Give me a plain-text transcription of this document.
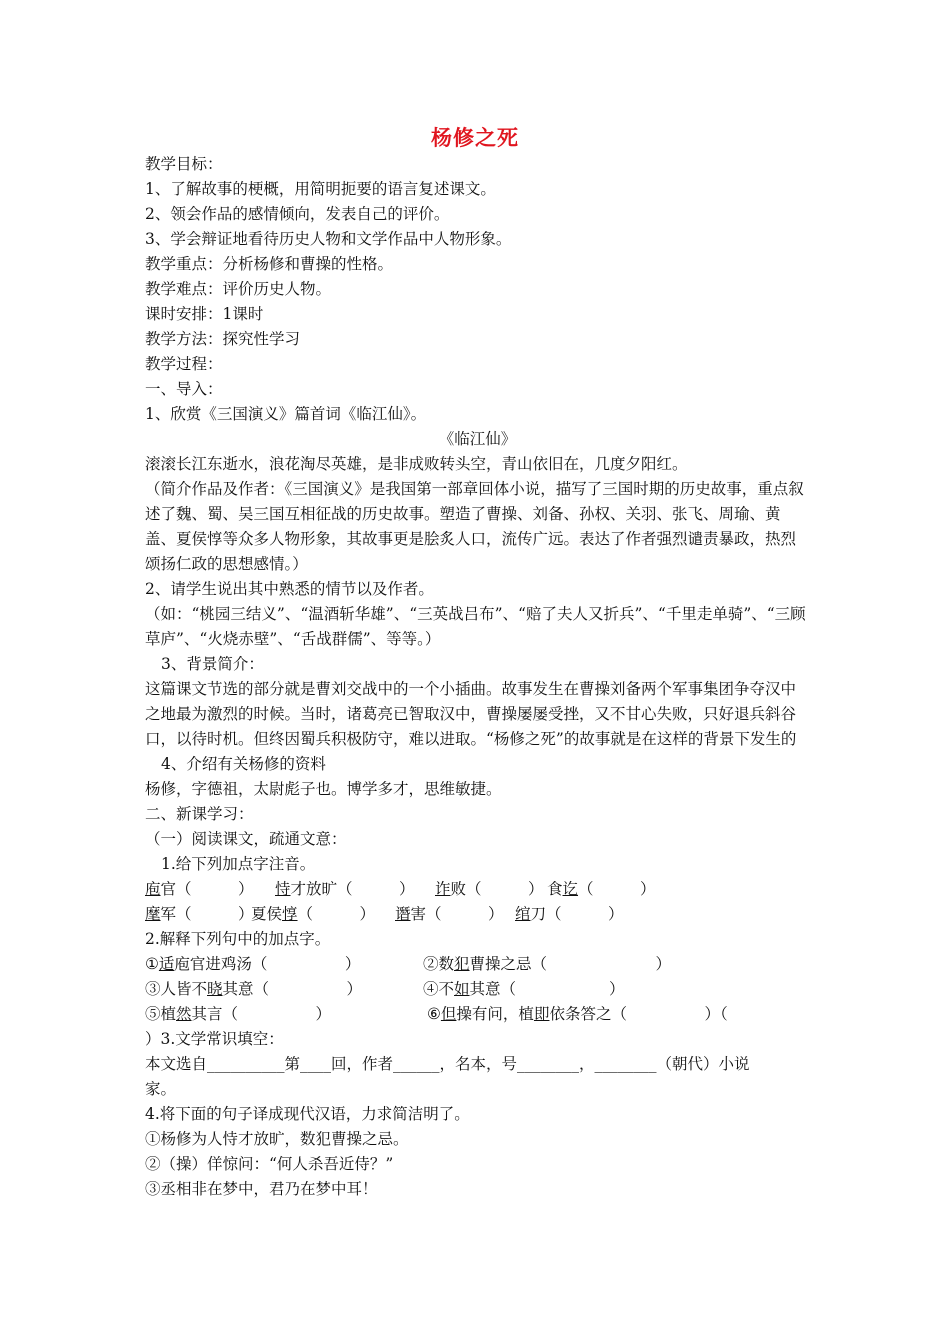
杨修之死
教学目标：
1、了解故事的梗概，用简明扼要的语言复述课文。
2、领会作品的感情倾向，发表自己的评价。
3、学会辩证地看待历史人物和文学作品中人物形象。
教学重点：分析杨修和曹操的性格。
教学难点：评价历史人物。
课时安排：1课时
教学方法：探究性学习
教学过程：
一、导入：
1、欣赏《三国演义》篇首词《临江仙》。
《临江仙》
滚滚长江东逝水，浪花淘尽英雄，是非成败转头空，青山依旧在，几度夕阳红。
（简介作品及作者：《三国演义》是我国第一部章回体小说，描写了三国时期的历史故事，重点叙述了魏、蜀、吴三国互相征战的历史故事。塑造了曹操、刘备、孙权、关羽、张飞、周瑜、黄盖、夏侯惇等众多人物形象，其故事更是脍炙人口，流传广远。表达了作者强烈谴责暴政，热烈颂扬仁政的思想感情。）
2、请学生说出其中熟悉的情节以及作者。
（如：“桃园三结义”、“温酒斩华雄”、“三英战吕布”、“赔了夫人又折兵”、“千里走单骑”、“三顾草庐”、“火烧赤壁”、“舌战群儒”、等等。）
3、背景简介：
这篇课文节选的部分就是曹刘交战中的一个小插曲。故事发生在曹操刘备两个军事集团争夺汉中之地最为激烈的时候。当时，诸葛亮已智取汉中，曹操屡屡受挫，又不甘心失败，只好退兵斜谷口，以待时机。但终因蜀兵积极防守，难以进取。“杨修之死”的故事就是在这样的背景下发生的
4、介绍有关杨修的资料
杨修，字德祖，太尉彪子也。博学多才，思维敏捷。
二、新课学习：
（一）阅读课文，疏通文意：
1.给下列加点字注音。
庖官（　　　） 恃才放旷（　　　） 诈败（　　　） 食讫（　　　）
麾军（　　　）夏侯惇（　　　） 谮害（　　　） 绾刀（　　　）
2.解释下列句中的加点字。
①适庖官进鸡汤（　　　　　）	②数犯曹操之忌（　　　　　　　）
③人皆不晓其意（　　　　　）	④不如其意（　　　　　　）
⑤植然其言（　　　　　）	⑥但操有问，植即依条答之（　　　　　）（
）3.文学常识填空：
本文选自__________第____回，作者______，名本，号________，________（朝代）小说
家。
4.将下面的句子译成现代汉语，力求简洁明了。
①杨修为人恃才放旷，数犯曹操之忌。
②（操）佯惊问：“何人杀吾近侍？”
③丞相非在梦中，君乃在梦中耳！
